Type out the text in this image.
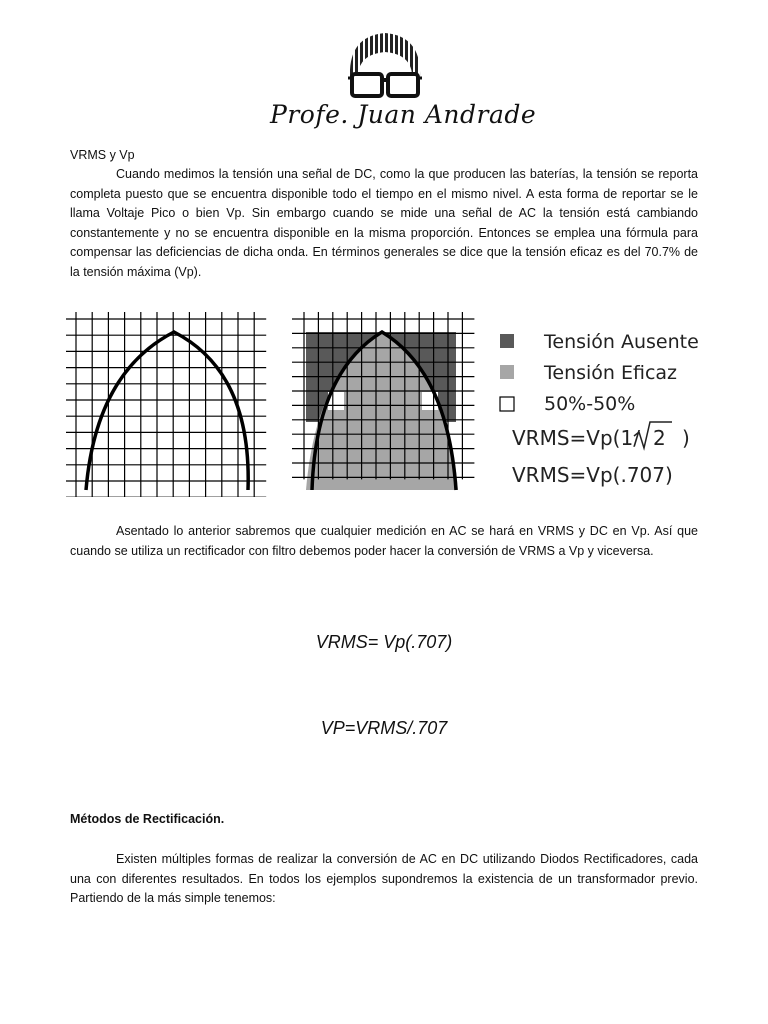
Profe. Juan Andrade
VRMS y Vp

Cuando medimos la tensión una señal de DC, como la que producen las baterías, la tensión se reporta completa puesto que se encuentra disponible todo el tiempo en el mismo nivel. A esta forma de reportar se le llama Voltaje Pico o bien Vp. Sin embargo cuando se mide una señal de AC la tensión está cambiando constantemente y no se encuentra disponible en la misma proporción. Entonces se emplea una fórmula para compensar las deficiencias de dicha onda. En términos generales se dice que la tensión eficaz es del 70.7% de la tensión máxima (Vp).

Tensión Ausente
Tensión Eficaz
50%-50%
VRMS=Vp(1/ 2 )
VRMS=Vp(.707)

Asentado lo anterior sabremos que cualquier medición en AC se hará en VRMS y DC en Vp. Así que cuando se utiliza un rectificador con filtro debemos poder hacer la conversión de VRMS a Vp y viceversa.

VRMS= Vp(.707)
VP=VRMS/.707
Métodos de Rectificación.

Existen múltiples formas de realizar la conversión de AC en DC utilizando Diodos Rectificadores, cada una con diferentes resultados. En todos los ejemplos supondremos la existencia de un transformador previo. Partiendo de la más simple tenemos:
